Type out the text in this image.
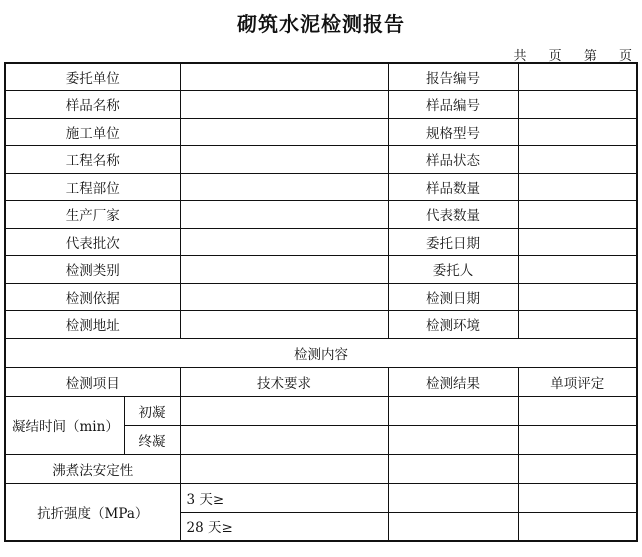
砌筑水泥检测报告
共 页 第 页
委托单位			报告编号	
样品名称			样品编号	
施工单位			规格型号	
工程名称			样品状态	
工程部位			样品数量	
生产厂家			代表数量	
代表批次			委托日期	
检测类别			委托人	
检测依据			检测日期	
检测地址			检测环境	
检测内容				
检测项目		技术要求	检测结果	单项评定
凝结时间（min）	初凝			
	终凝			
沸煮法安定性				
抗折强度（MPa）		3 天≥		
		28 天≥		
